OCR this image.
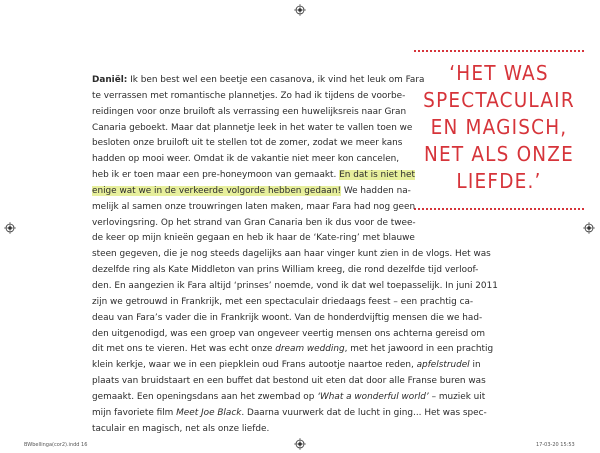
‘HET WAS
SPECTACULAIR
EN MAGISCH,
NET ALS ONZE
LIEFDE.’
Daniël: Ik ben best wel een beetje een casanova, ik vind het leuk om Fara
te verrassen met romantische plannetjes. Zo had ik tijdens de voorbe-
reidingen voor onze bruiloft als verrassing een huwelijksreis naar Gran
Canaria geboekt. Maar dat plannetje leek in het water te vallen toen we
besloten onze bruiloft uit te stellen tot de zomer, zodat we meer kans
hadden op mooi weer. Omdat ik de vakantie niet meer kon cancelen,
heb ik er toen maar een pre-honeymoon van gemaakt. En dat is niet het
enige wat we in de verkeerde volgorde hebben gedaan! We hadden na-
melijk al samen onze trouwringen laten maken, maar Fara had nog geen
verlovingsring. Op het strand van Gran Canaria ben ik dus voor de twee-
de keer op mijn knieën gegaan en heb ik haar de ‘Kate-ring’ met blauwe
steen gegeven, die je nog steeds dagelijks aan haar vinger kunt zien in de vlogs. Het was
dezelfde ring als Kate Middleton van prins William kreeg, die rond dezelfde tijd verloof-
den. En aangezien ik Fara altijd ‘prinses’ noemde, vond ik dat wel toepasselijk. In juni 2011
zijn we getrouwd in Frankrijk, met een spectaculair driedaags feest – een prachtig ca-
deau van Fara’s vader die in Frankrijk woont. Van de honderdvijftig mensen die we had-
den uitgenodigd, was een groep van ongeveer veertig mensen ons achterna gereisd om
dit met ons te vieren. Het was echt onze dream wedding, met het jawoord in een prachtig
klein kerkje, waar we in een piepklein oud Frans autootje naartoe reden, apfelstrudel in
plaats van bruidstaart en een buffet dat bestond uit eten dat door alle Franse buren was
gemaakt. Een openingsdans aan het zwembad op ‘What a wonderful world’ – muziek uit
mijn favoriete film Meet Joe Black. Daarna vuurwerk dat de lucht in ging... Het was spec-
taculair en magisch, net als onze liefde.
BWbellinga(cor2).indd 16	17-03-20 15:53
